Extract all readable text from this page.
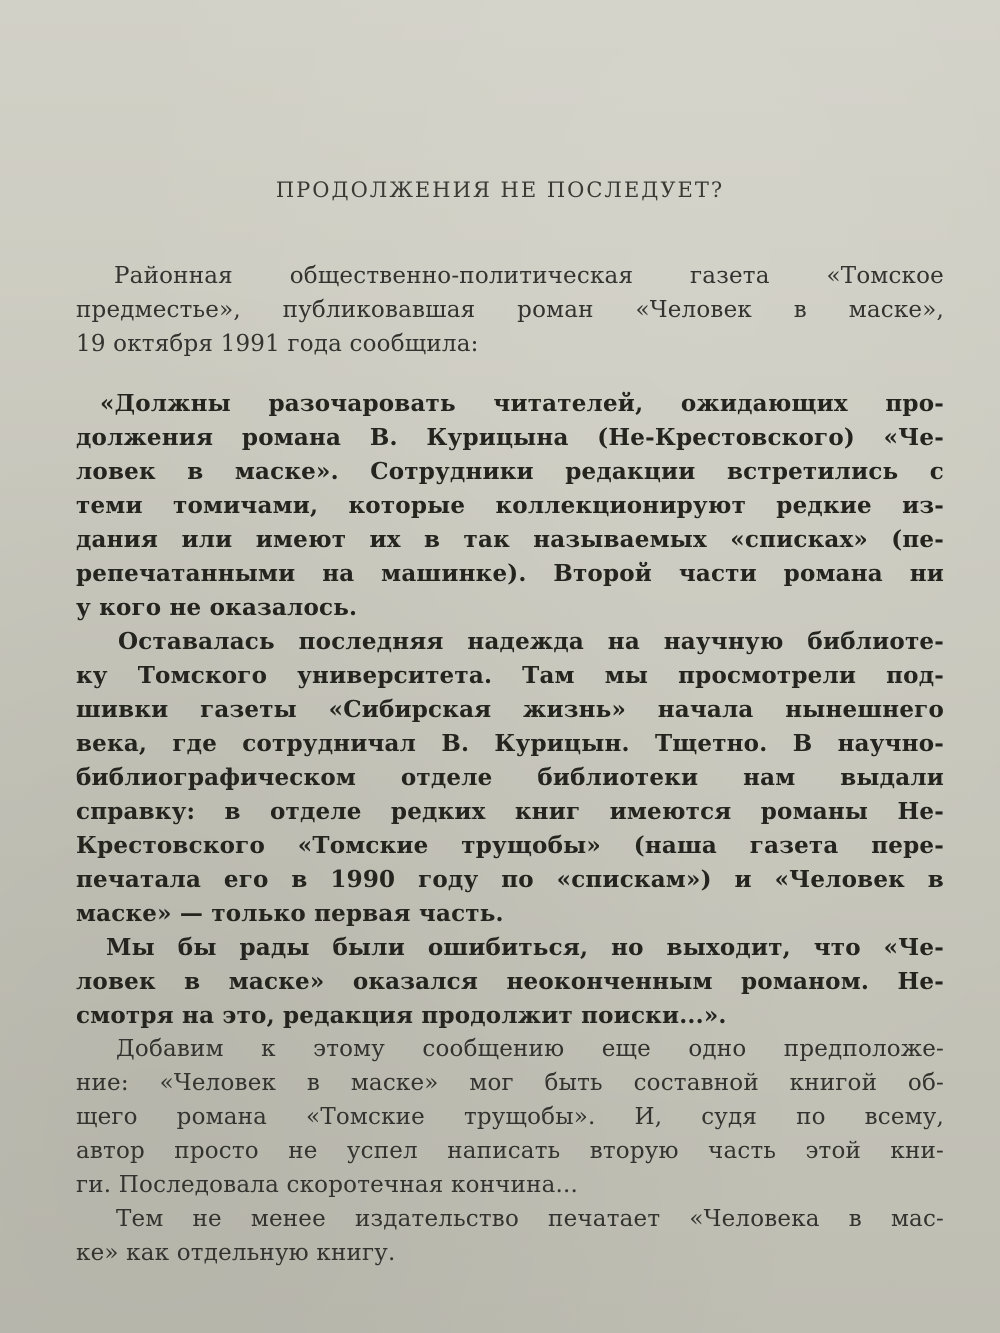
ПРОДОЛЖЕНИЯ НЕ ПОСЛЕДУЕТ?
Районная общественно-политическая газета «Томское
предместье», публиковавшая роман «Человек в маске»,
19 октября 1991 года сообщила:
«Должны разочаровать читателей, ожидающих про-
должения романа В. Курицына (Не-Крестовского) «Че-
ловек в маске». Сотрудники редакции встретились с
теми томичами, которые коллекционируют редкие из-
дания или имеют их в так называемых «списках» (пе-
репечатанными на машинке). Второй части романа ни
у кого не оказалось.
Оставалась последняя надежда на научную библиоте-
ку Томского университета. Там мы просмотрели под-
шивки газеты «Сибирская жизнь» начала нынешнего
века, где сотрудничал В. Курицын. Тщетно. В научно-
библиографическом отделе библиотеки нам выдали
справку: в отделе редких книг имеются романы Не-
Крестовского «Томские трущобы» (наша газета пере-
печатала его в 1990 году по «спискам») и «Человек в
маске» — только первая часть.
Мы бы рады были ошибиться, но выходит, что «Че-
ловек в маске» оказался неоконченным романом. Не-
смотря на это, редакция продолжит поиски...».
Добавим к этому сообщению еще одно предположе-
ние: «Человек в маске» мог быть составной книгой об-
щего романа «Томские трущобы». И, судя по всему,
автор просто не успел написать вторую часть этой кни-
ги. Последовала скоротечная кончина...
Тем не менее издательство печатает «Человека в мас-
ке» как отдельную книгу.
